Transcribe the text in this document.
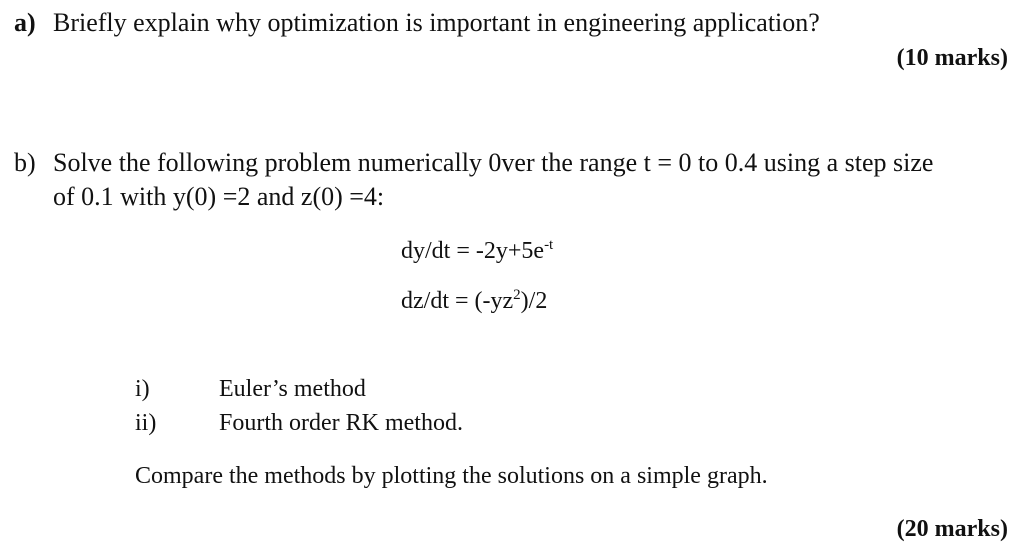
a) Briefly explain why optimization is important in engineering application?
(10 marks)
b) Solve the following problem numerically 0ver the range t = 0 to 0.4 using a step size
of 0.1 with y(0) =2 and z(0) =4:
$dy/dt = -2y+5e^{-t}$
$dz/dt = (-yz^2)/2$
i)	Euler’s method
ii)	Fourth order RK method.
Compare the methods by plotting the solutions on a simple graph.
(20 marks)
